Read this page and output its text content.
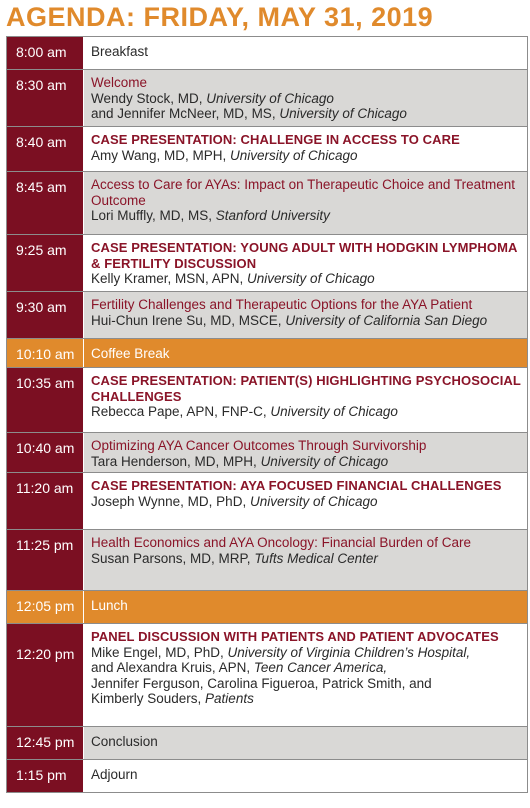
AGENDA: FRIDAY, MAY 31, 2019
8:00 am	Breakfast
8:30 am	Welcome
Wendy Stock, MD, University of Chicago
and Jennifer McNeer, MD, MS, University of Chicago
8:40 am	CASE PRESENTATION: CHALLENGE IN ACCESS TO CARE
Amy Wang, MD, MPH, University of Chicago
8:45 am	Access to Care for AYAs: Impact on Therapeutic Choice and Treatment Outcome
Lori Muffly, MD, MS, Stanford University
9:25 am	CASE PRESENTATION: YOUNG ADULT WITH HODGKIN LYMPHOMA & FERTILITY DISCUSSION
Kelly Kramer, MSN, APN, University of Chicago
9:30 am	Fertility Challenges and Therapeutic Options for the AYA Patient
Hui-Chun Irene Su, MD, MSCE, University of California San Diego
10:10 am	Coffee Break
10:35 am	CASE PRESENTATION: PATIENT(S) HIGHLIGHTING PSYCHOSOCIAL CHALLENGES
Rebecca Pape, APN, FNP-C, University of Chicago
10:40 am	Optimizing AYA Cancer Outcomes Through Survivorship
Tara Henderson, MD, MPH, University of Chicago
11:20 am	CASE PRESENTATION: AYA FOCUSED FINANCIAL CHALLENGES
Joseph Wynne, MD, PhD, University of Chicago
11:25 pm	Health Economics and AYA Oncology: Financial Burden of Care
Susan Parsons, MD, MRP, Tufts Medical Center
12:05 pm	Lunch
12:20 pm
PANEL DISCUSSION WITH PATIENTS AND PATIENT ADVOCATES
Mike Engel, MD, PhD, University of Virginia Children’s Hospital,
and Alexandra Kruis, APN, Teen Cancer America,
Jennifer Ferguson, Carolina Figueroa, Patrick Smith, and
Kimberly Souders, Patients
12:45 pm	Conclusion
1:15 pm	Adjourn
